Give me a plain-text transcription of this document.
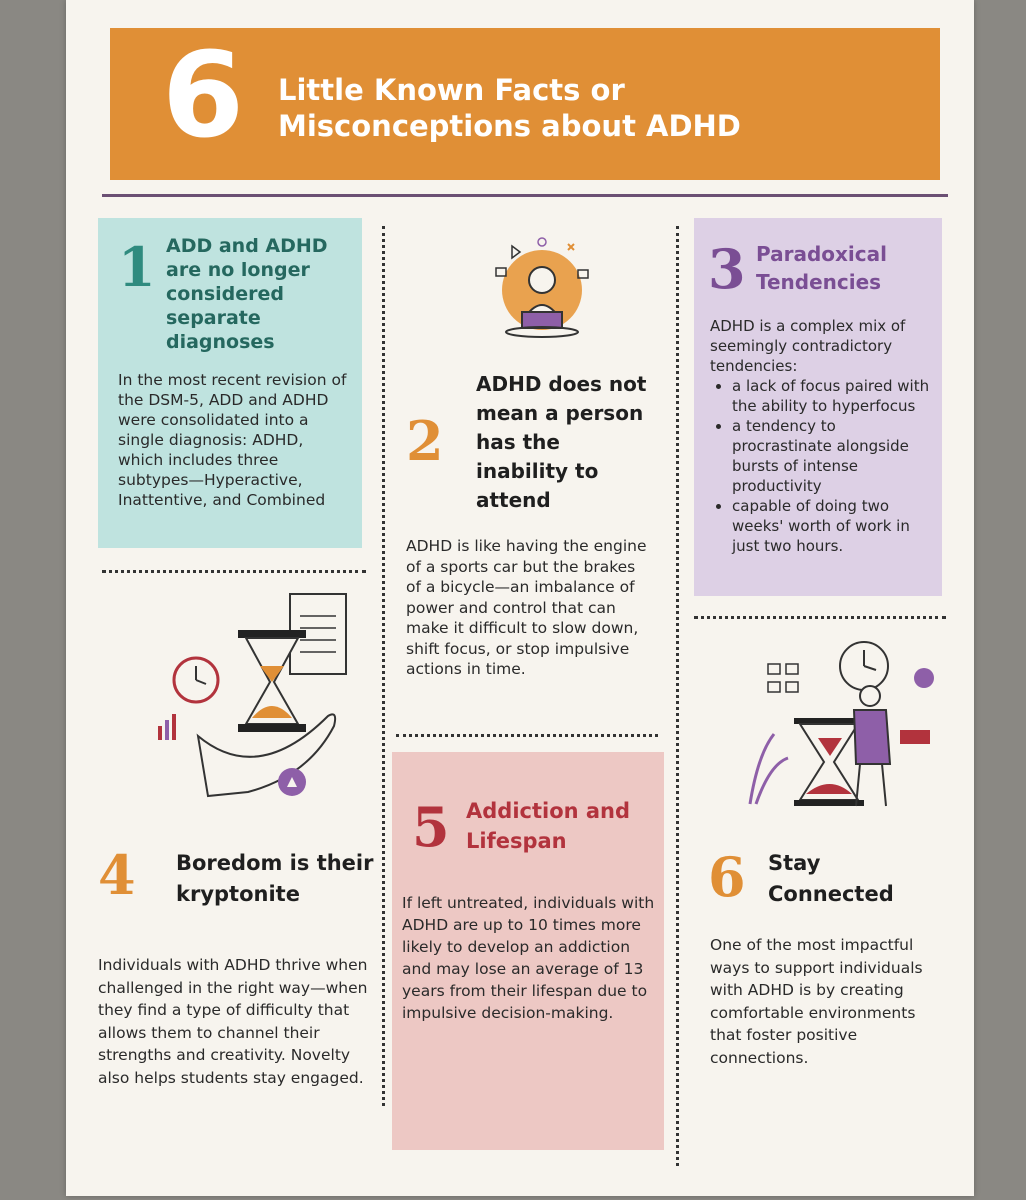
6 Little Known Facts or
Misconceptions about ADHD
1 ADD and ADHD are no longer considered separate diagnoses
In the most recent revision of the DSM-5, ADD and ADHD were consolidated into a single diagnosis: ADHD, which includes three subtypes—Hyperactive, Inattentive, and Combined
2
ADHD does not mean a person has the inability to attend
ADHD is like having the engine of a sports car but the brakes of a bicycle—an imbalance of power and control that can make it difficult to slow down, shift focus, or stop impulsive actions in time.
3 Paradoxical Tendencies
ADHD is a complex mix of seemingly contradictory tendencies:
• a lack of focus paired with the ability to hyperfocus
• a tendency to procrastinate alongside bursts of intense productivity
• capable of doing two weeks' worth of work in just two hours.
4 Boredom is their kryptonite
Individuals with ADHD thrive when challenged in the right way—when they find a type of difficulty that allows them to channel their strengths and creativity. Novelty also helps students stay engaged.
5 Addiction and Lifespan
If left untreated, individuals with ADHD are up to 10 times more likely to develop an addiction and may lose an average of 13 years from their lifespan due to impulsive decision-making.
6 Stay Connected
One of the most impactful ways to support individuals with ADHD is by creating comfortable environments that foster positive connections.
